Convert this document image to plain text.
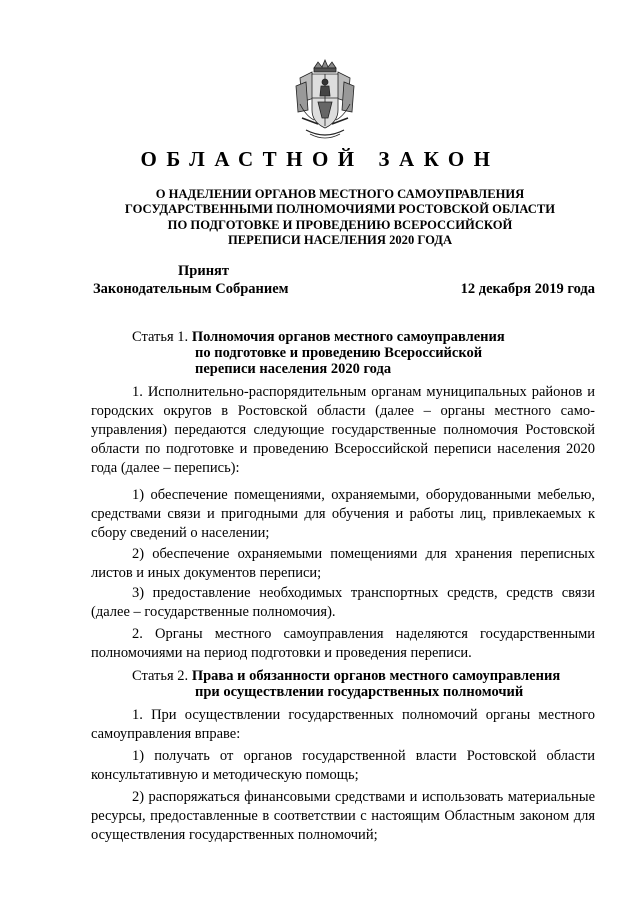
ОБЛАСТНОЙ ЗАКОН
О НАДЕЛЕНИИ ОРГАНОВ МЕСТНОГО САМОУПРАВЛЕНИЯ
ГОСУДАРСТВЕННЫМИ ПОЛНОМОЧИЯМИ РОСТОВСКОЙ ОБЛАСТИ
ПО ПОДГОТОВКЕ И ПРОВЕДЕНИЮ ВСЕРОССИЙСКОЙ
ПЕРЕПИСИ НАСЕЛЕНИЯ 2020 ГОДА
Принят
Законодательным Собранием	12 декабря 2019 года
Статья 1. Полномочия органов местного самоуправления
по подготовке и проведению Всероссийской
переписи населения 2020 года

1. Исполнительно-распорядительным органам муниципальных районов и городских округов в Ростовской области (далее – органы местного самоуправления) передаются следующие государственные полномочия Ростовской области по подготовке и проведению Всероссийской переписи населения 2020 года (далее – перепись):

1) обеспечение помещениями, охраняемыми, оборудованными мебелью, средствами связи и пригодными для обучения и работы лиц, привлекаемых к сбору сведений о населении;

2) обеспечение охраняемыми помещениями для хранения переписных листов и иных документов переписи;

3) предоставление необходимых транспортных средств, средств связи (далее – государственные полномочия).

2. Органы местного самоуправления наделяются государственными полномочиями на период подготовки и проведения переписи.

Статья 2. Права и обязанности органов местного самоуправления
при осуществлении государственных полномочий

1. При осуществлении государственных полномочий органы местного самоуправления вправе:

1) получать от органов государственной власти Ростовской области консультативную и методическую помощь;

2) распоряжаться финансовыми средствами и использовать материальные ресурсы, предоставленные в соответствии с настоящим Областным законом для осуществления государственных полномочий;
